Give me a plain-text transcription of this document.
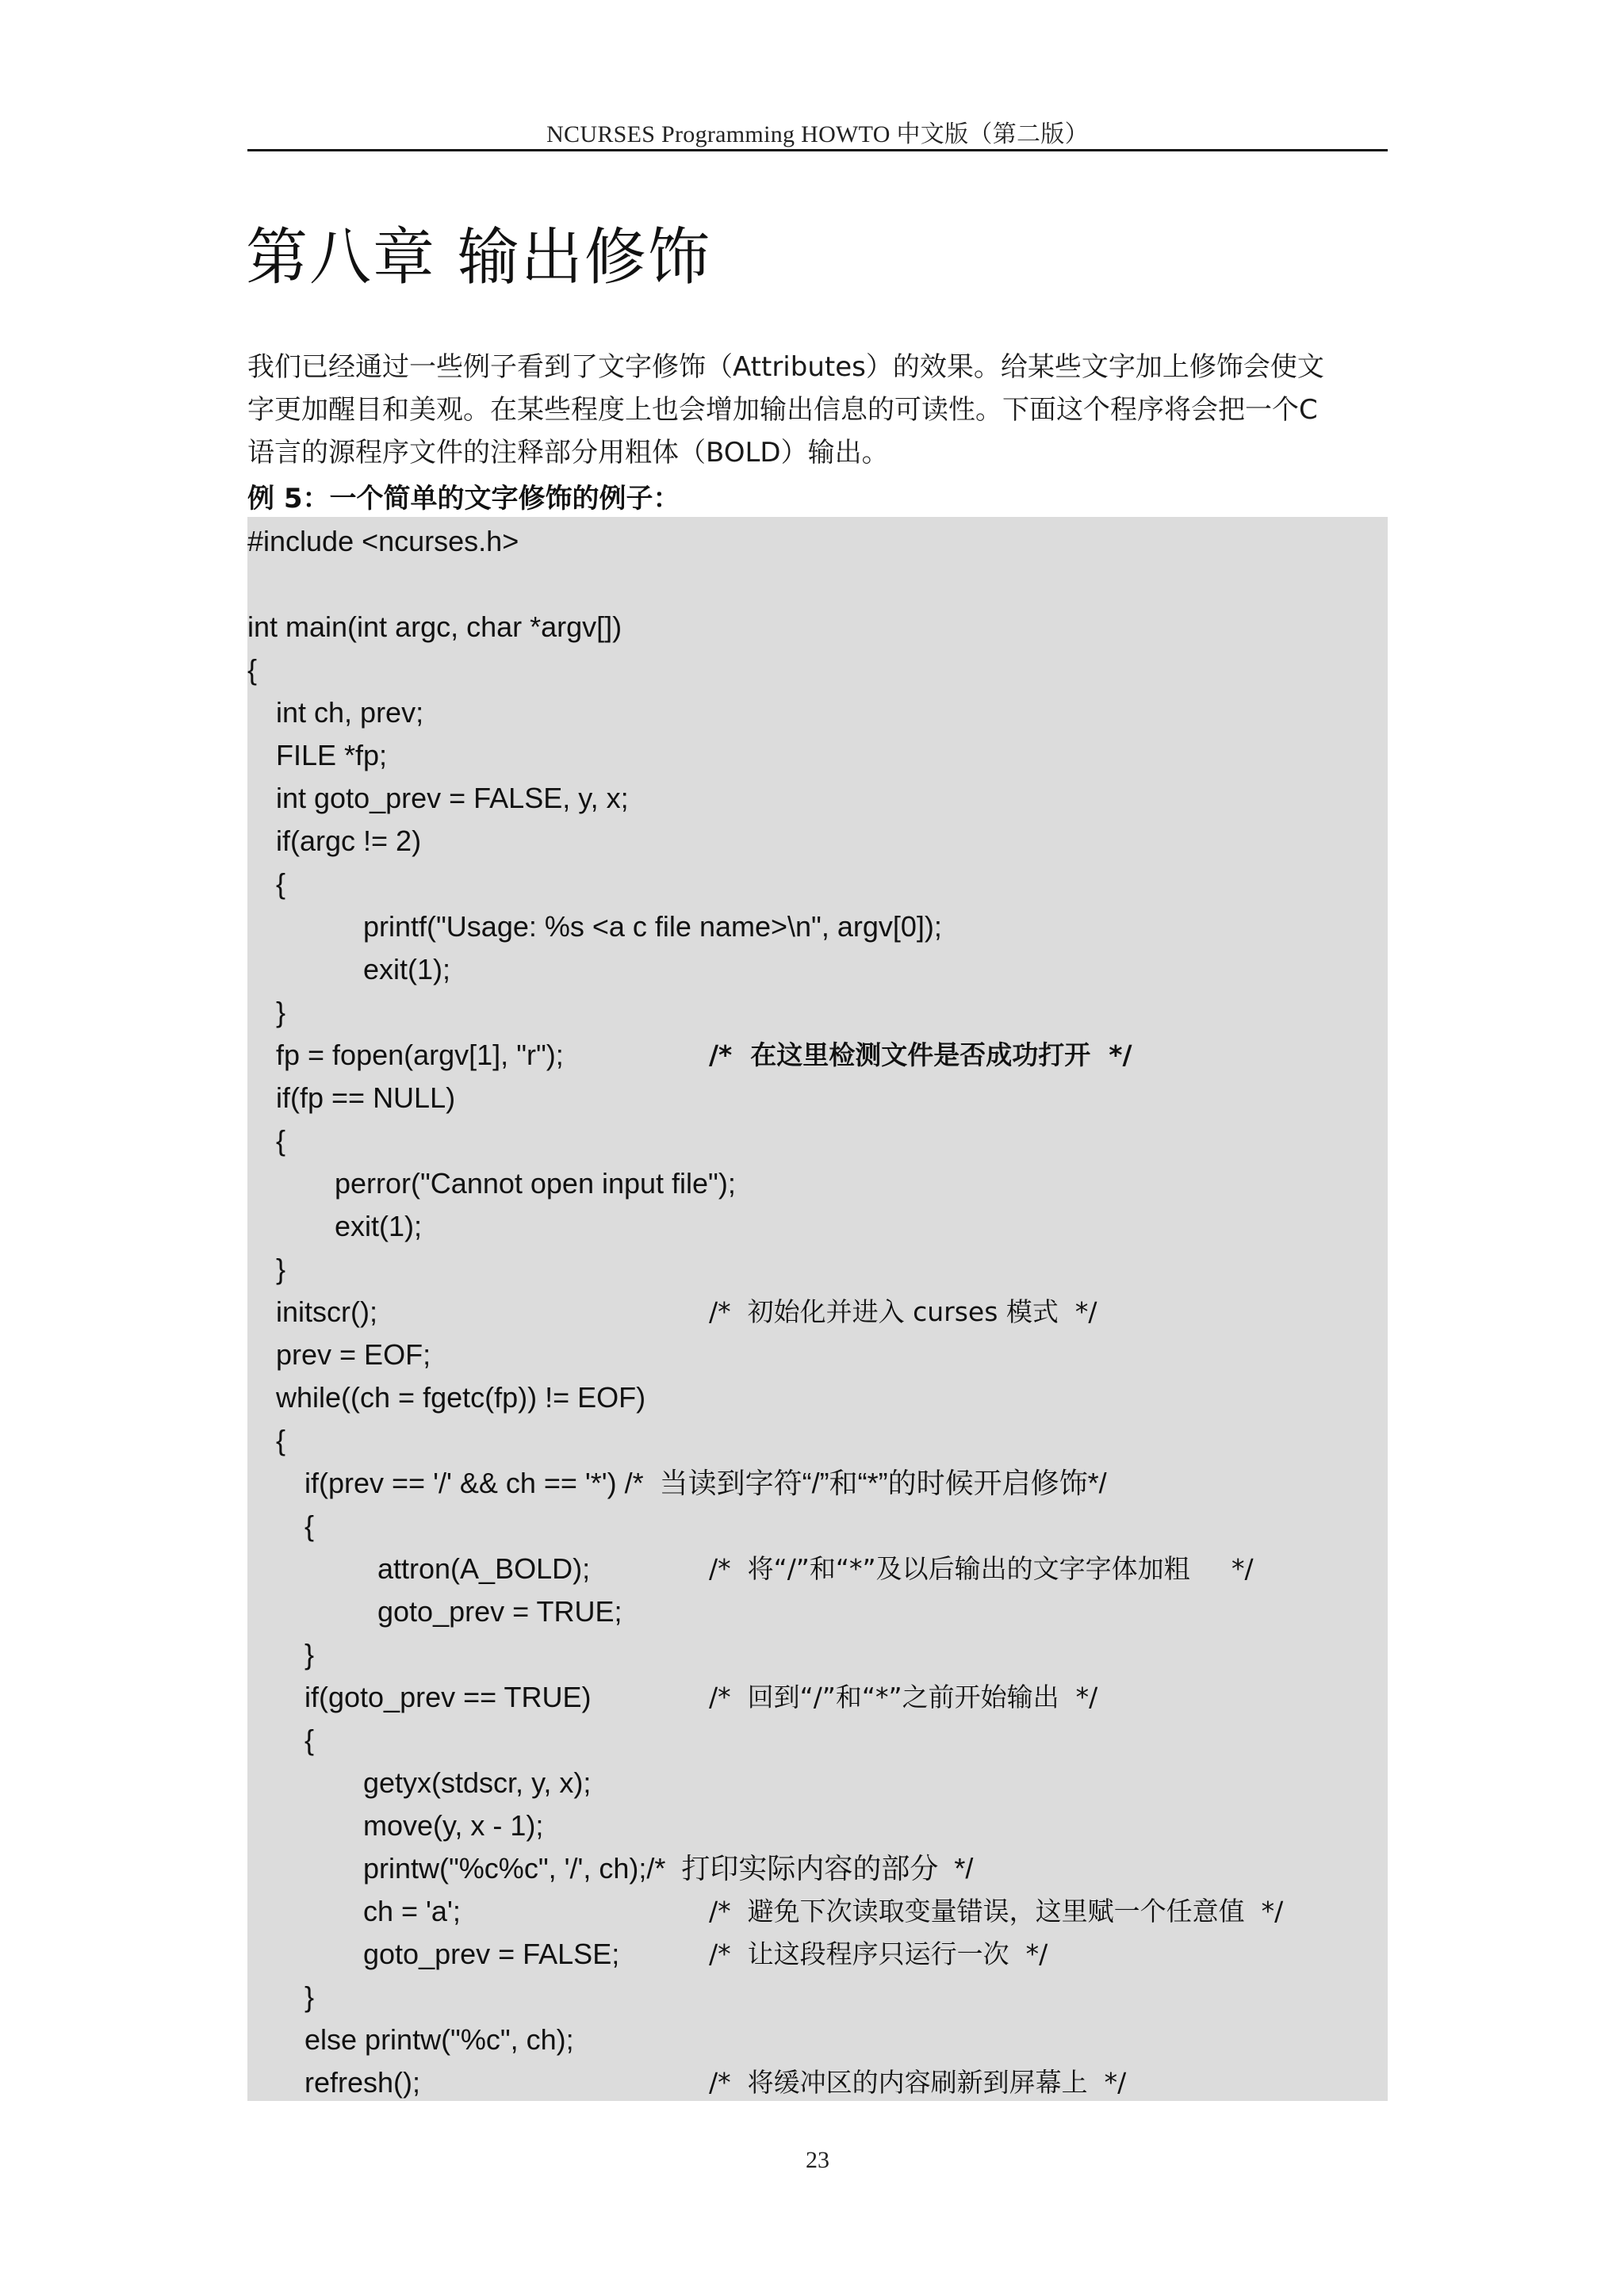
NCURSES Programming HOWTO 中文版（第二版）
第八章 输出修饰
我们已经通过一些例子看到了文字修饰（Attributes）的效果。给某些文字加上修饰会使文
字更加醒目和美观。在某些程度上也会增加输出信息的可读性。下面这个程序将会把一个C
语言的源程序文件的注释部分用粗体（BOLD）输出。
例 5：一个简单的文字修饰的例子：
#include <ncurses.h>
int main(int argc, char *argv[])
{
int ch, prev;
FILE *fp;
int goto_prev = FALSE, y, x;
if(argc != 2)
{
printf("Usage: %s <a c file name>\n", argv[0]);
exit(1);
}
fp = fopen(argv[1], "r");	/*  在这里检测文件是否成功打开  */
if(fp == NULL)
{
perror("Cannot open input file");
exit(1);
}
initscr();	/*  初始化并进入 curses 模式  */
prev = EOF;
while((ch = fgetc(fp)) != EOF)
{
if(prev == '/' && ch == '*') /*  当读到字符“/”和“*”的时候开启修饰*/
{
attron(A_BOLD);	/*  将“/”和“*”及以后输出的文字字体加粗     */
goto_prev = TRUE;
}
if(goto_prev == TRUE)	/*  回到“/”和“*”之前开始输出  */
{
getyx(stdscr, y, x);
move(y, x - 1);
printw("%c%c", '/', ch);/*  打印实际内容的部分  */
ch = 'a';	/*  避免下次读取变量错误，这里赋一个任意值  */
goto_prev = FALSE;	/*  让这段程序只运行一次  */
}
else printw("%c", ch);
refresh();	/*  将缓冲区的内容刷新到屏幕上  */
23
